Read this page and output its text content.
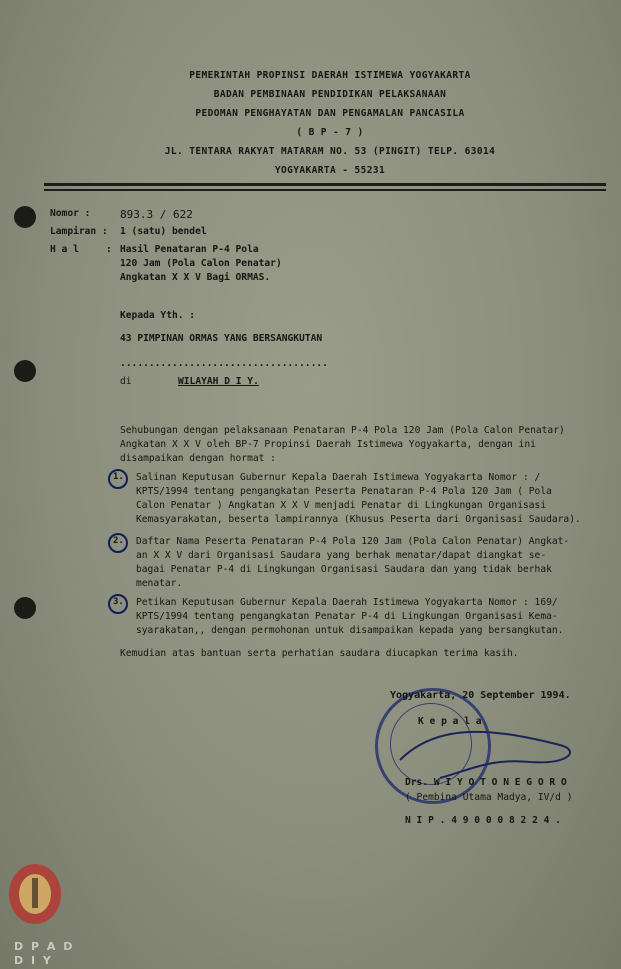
PEMERINTAH PROPINSI DAERAH ISTIMEWA YOGYAKARTA
BADAN PEMBINAAN PENDIDIKAN PELAKSANAAN
PEDOMAN PENGHAYATAN DAN PENGAMALAN PANCASILA
( B P - 7 )
JL. TENTARA RAKYAT MATARAM NO. 53 (PINGIT) TELP. 63014
YOGYAKARTA - 55231
Nomor :	893.3 / 622
Lampiran : 1 (satu) bendel
H a l	: Hasil Penataran P-4 Pola
120 Jam (Pola Calon Penatar)
Angkatan X X V Bagi ORMAS.
Kepada Yth. :
43 PIMPINAN ORMAS YANG BERSANGKUTAN
....................................
di	WILAYAH D I Y.
Sehubungan dengan pelaksanaan Penataran P-4 Pola 120 Jam (Pola Calon Penatar)
Angkatan X X V oleh BP-7 Propinsi Daerah Istimewa Yogyakarta, dengan ini
disampaikan dengan hormat :
1. Salinan Keputusan Gubernur Kepala Daerah Istimewa Yogyakarta Nomor : /
KPTS/1994 tentang pengangkatan Peserta Penataran P-4 Pola 120 Jam ( Pola
Calon Penatar ) Angkatan X X V menjadi Penatar di Lingkungan Organisasi
Kemasyarakatan, beserta lampirannya (Khusus Peserta dari Organisasi Saudara).
2. Daftar Nama Peserta Penataran P-4 Pola 120 Jam (Pola Calon Penatar) Angkat-
an X X V dari Organisasi Saudara yang berhak menatar/dapat diangkat se-
bagai Penatar P-4 di Lingkungan Organisasi Saudara dan yang tidak berhak
menatar.
3. Petikan Keputusan Gubernur Kepala Daerah Istimewa Yogyakarta Nomor : 169/
KPTS/1994 tentang pengangkatan Penatar P-4 di Lingkungan Organisasi Kema-
syarakatan,, dengan permohonan untuk disampaikan kepada yang bersangkutan.
Kemudian atas bantuan serta perhatian saudara diucapkan terima kasih.
Yogyakarta, 20 September 1994.
K e p a l a
Drs. W I Y O T O N E G O R O
( Pembina Utama Madya, IV/d )
N I P . 4 9 0 0 0 8 2 2 4 .
D P A D
D I Y
